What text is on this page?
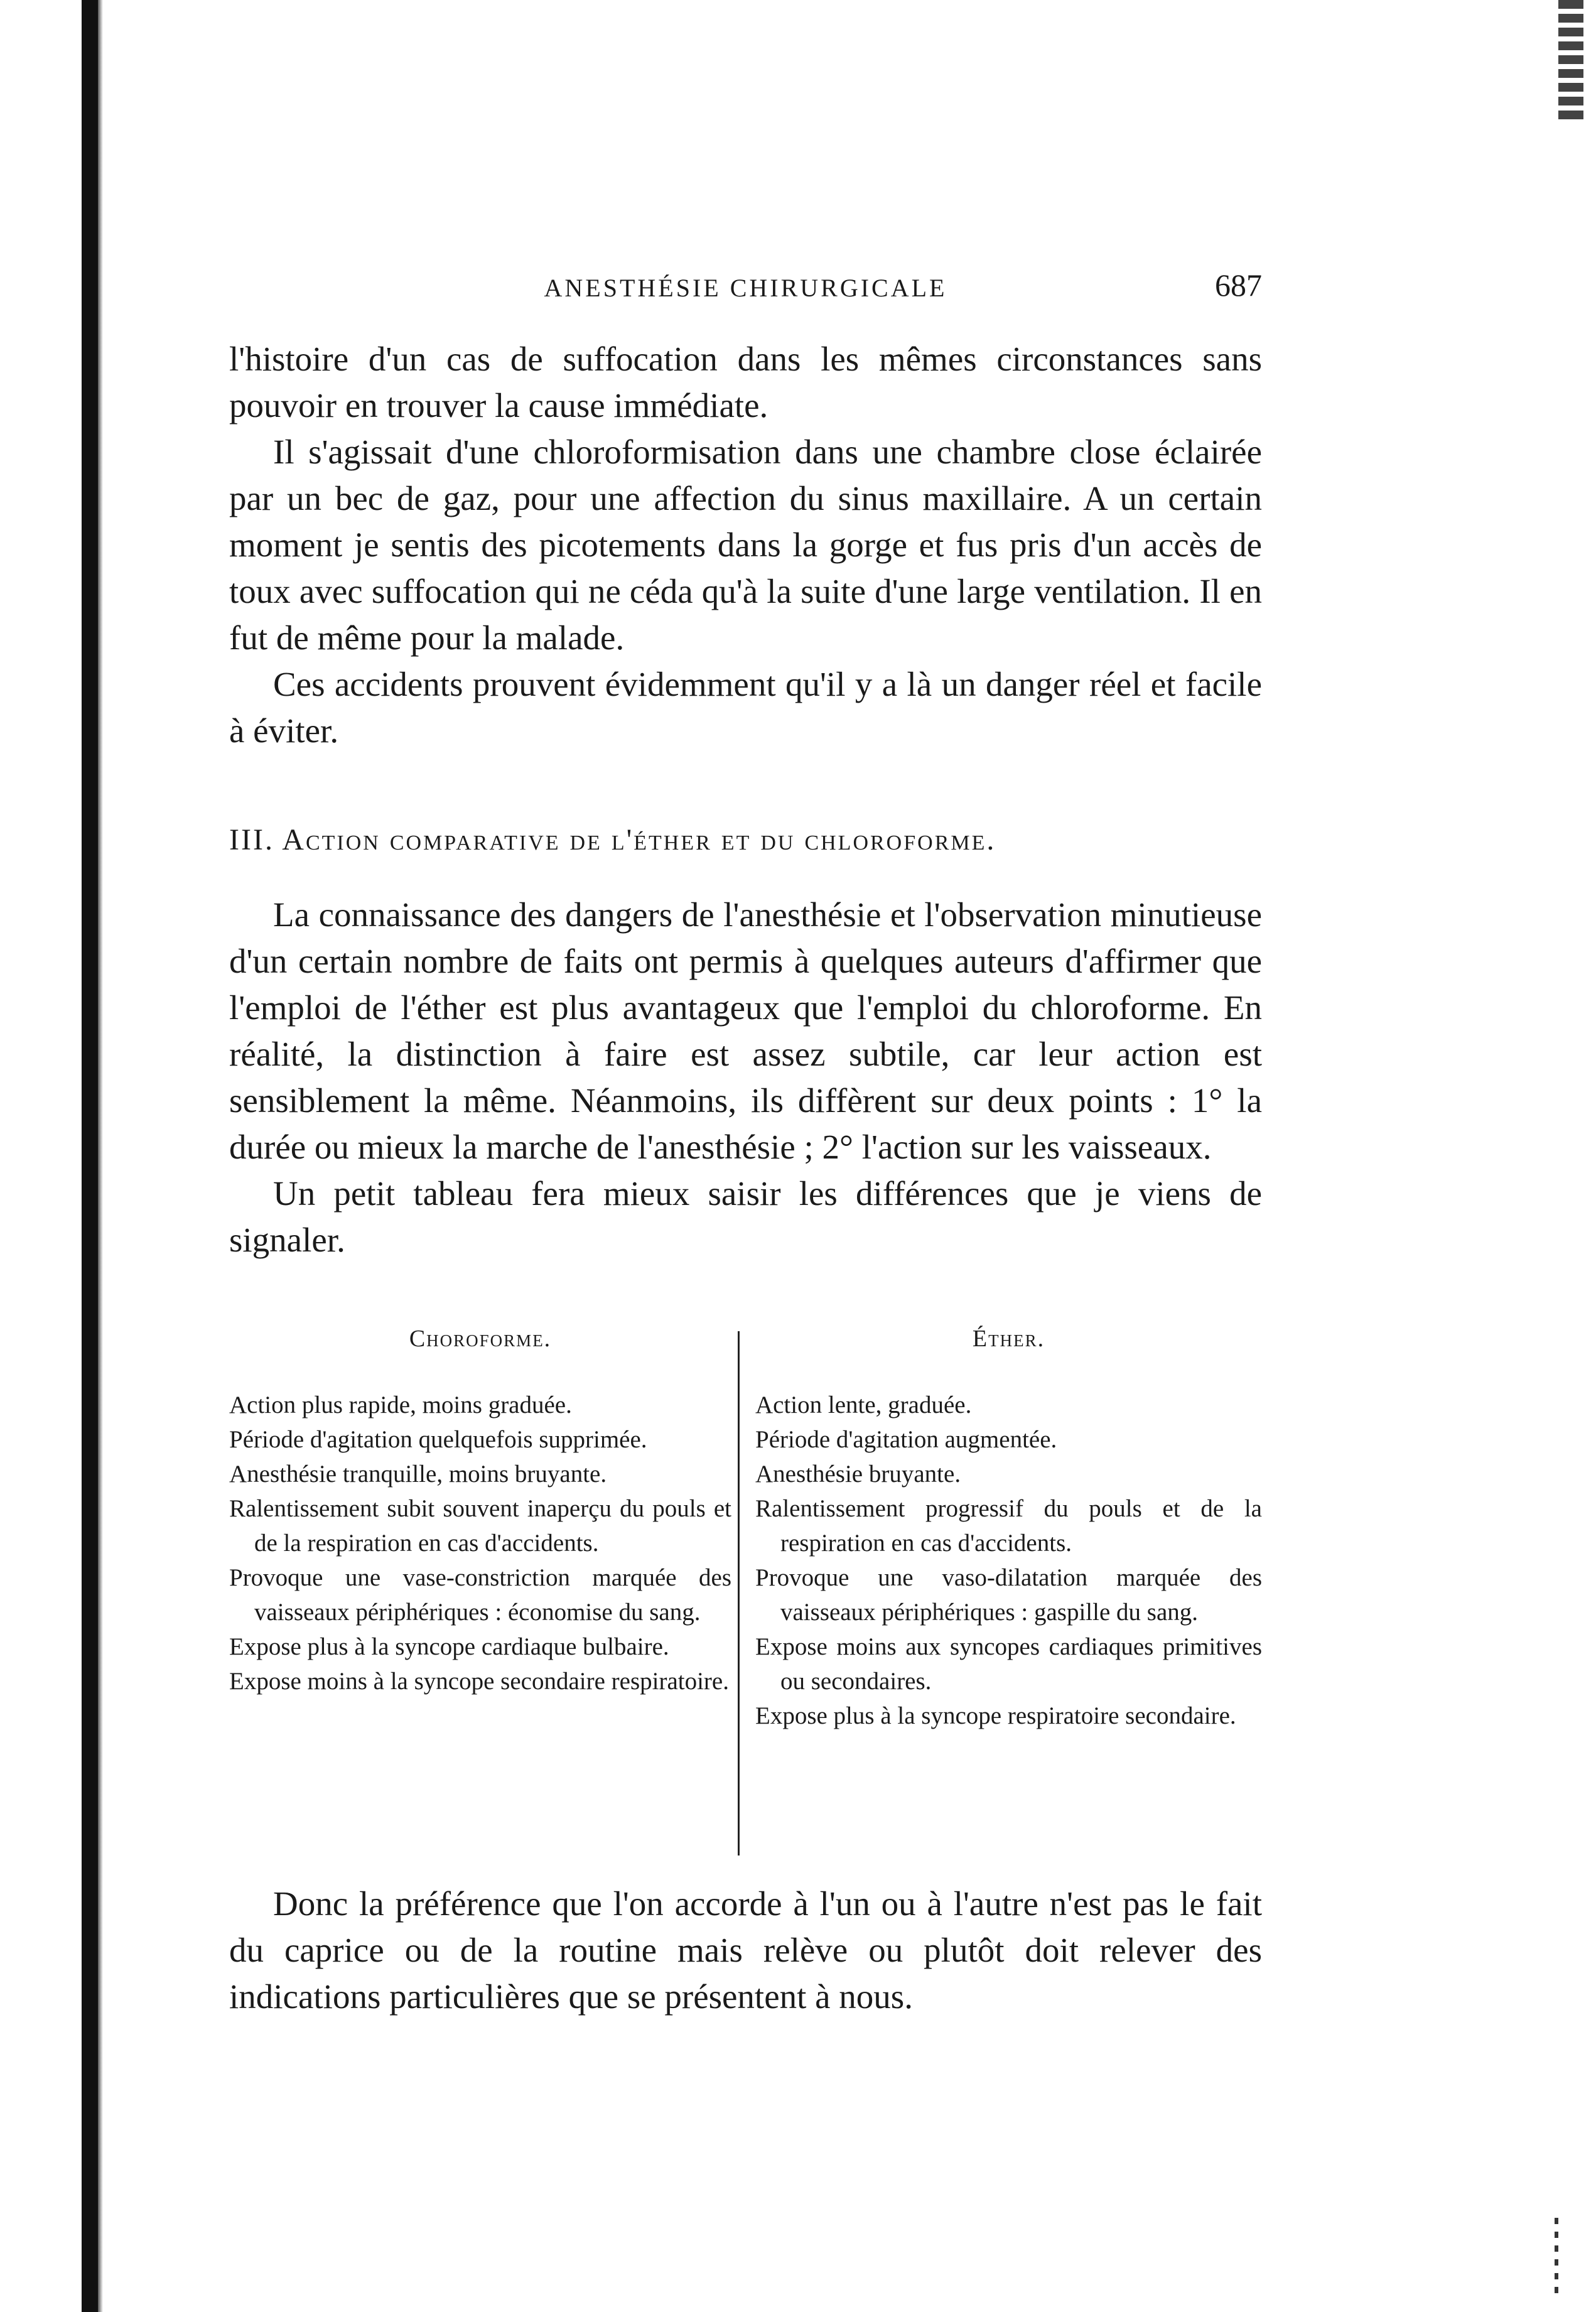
ANESTHÉSIE CHIRURGICALE	687

l'histoire d'un cas de suffocation dans les mêmes circonstances sans pouvoir en trouver la cause immédiate.

Il s'agissait d'une chloroformisation dans une chambre close éclairée par un bec de gaz, pour une affection du sinus maxillaire. A un certain moment je sentis des picotements dans la gorge et fus pris d'un accès de toux avec suffocation qui ne céda qu'à la suite d'une large ventilation. Il en fut de même pour la malade.

Ces accidents prouvent évidemment qu'il y a là un danger réel et facile à éviter.

III. Action comparative de l'éther et du chloroforme.

La connaissance des dangers de l'anesthésie et l'observation minutieuse d'un certain nombre de faits ont permis à quelques auteurs d'affirmer que l'emploi de l'éther est plus avantageux que l'emploi du chloroforme. En réalité, la distinction à faire est assez subtile, car leur action est sensiblement la même. Néanmoins, ils diffèrent sur deux points : 1° la durée ou mieux la marche de l'anesthésie ; 2° l'action sur les vaisseaux.

Un petit tableau fera mieux saisir les différences que je viens de signaler.

Choroforme.
Action plus rapide, moins graduée.
Période d'agitation quelquefois supprimée.
Anesthésie tranquille, moins bruyante.
Ralentissement subit souvent inaperçu du pouls et de la respiration en cas d'accidents.
Provoque une vase-constriction marquée des vaisseaux périphériques : économise du sang.
Expose plus à la syncope cardiaque bulbaire.
Expose moins à la syncope secondaire respiratoire.
Éther.
Action lente, graduée.
Période d'agitation augmentée.
Anesthésie bruyante.
Ralentissement progressif du pouls et de la respiration en cas d'accidents.
Provoque une vaso-dilatation marquée des vaisseaux périphériques : gaspille du sang.
Expose moins aux syncopes cardiaques primitives ou secondaires.
Expose plus à la syncope respiratoire secondaire.

Donc la préférence que l'on accorde à l'un ou à l'autre n'est pas le fait du caprice ou de la routine mais relève ou plutôt doit relever des indications particulières que se présentent à nous.
